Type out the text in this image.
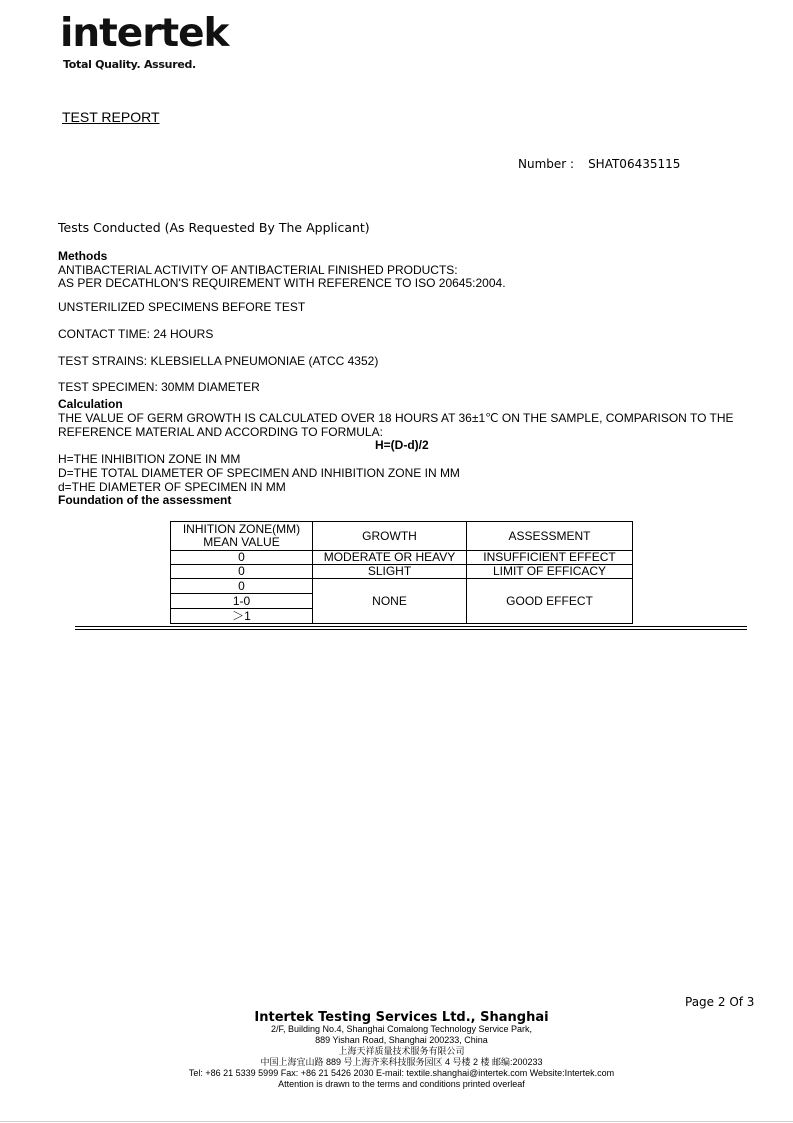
intertek
Total Quality. Assured.
TEST REPORT
Number : SHAT06435115
Tests Conducted (As Requested By The Applicant)
Methods
ANTIBACTERIAL ACTIVITY OF ANTIBACTERIAL FINISHED PRODUCTS:
AS PER DECATHLON'S REQUIREMENT WITH REFERENCE TO ISO 20645:2004.
UNSTERILIZED SPECIMENS BEFORE TEST
CONTACT TIME: 24 HOURS
TEST STRAINS: KLEBSIELLA PNEUMONIAE (ATCC 4352)
TEST SPECIMEN: 30MM DIAMETER
Calculation
THE VALUE OF GERM GROWTH IS CALCULATED OVER 18 HOURS AT 36±1℃ ON THE SAMPLE, COMPARISON TO THE
REFERENCE MATERIAL AND ACCORDING TO FORMULA:
H=(D-d)/2
H=THE INHIBITION ZONE IN MM
D=THE TOTAL DIAMETER OF SPECIMEN AND INHIBITION ZONE IN MM
d=THE DIAMETER OF SPECIMEN IN MM
Foundation of the assessment
INHITION ZONE(MM)
MEAN VALUE	GROWTH	ASSESSMENT
0	MODERATE OR HEAVY	INSUFFICIENT EFFECT
0	SLIGHT	LIMIT OF EFFICACY
0	NONE	GOOD EFFECT
1-0		
＞1		
Page 2 Of 3
Intertek Testing Services Ltd., Shanghai
2/F, Building No.4, Shanghai Comalong Technology Service Park,
889 Yishan Road, Shanghai 200233, China
上海天祥质量技术服务有限公司
中国上海宜山路 889 号上海齐来科技服务园区 4 号楼 2 楼 邮编:200233
Tel: +86 21 5339 5999 Fax: +86 21 5426 2030 E-mail: textile.shanghai@intertek.com Website:Intertek.com
Attention is drawn to the terms and conditions printed overleaf
